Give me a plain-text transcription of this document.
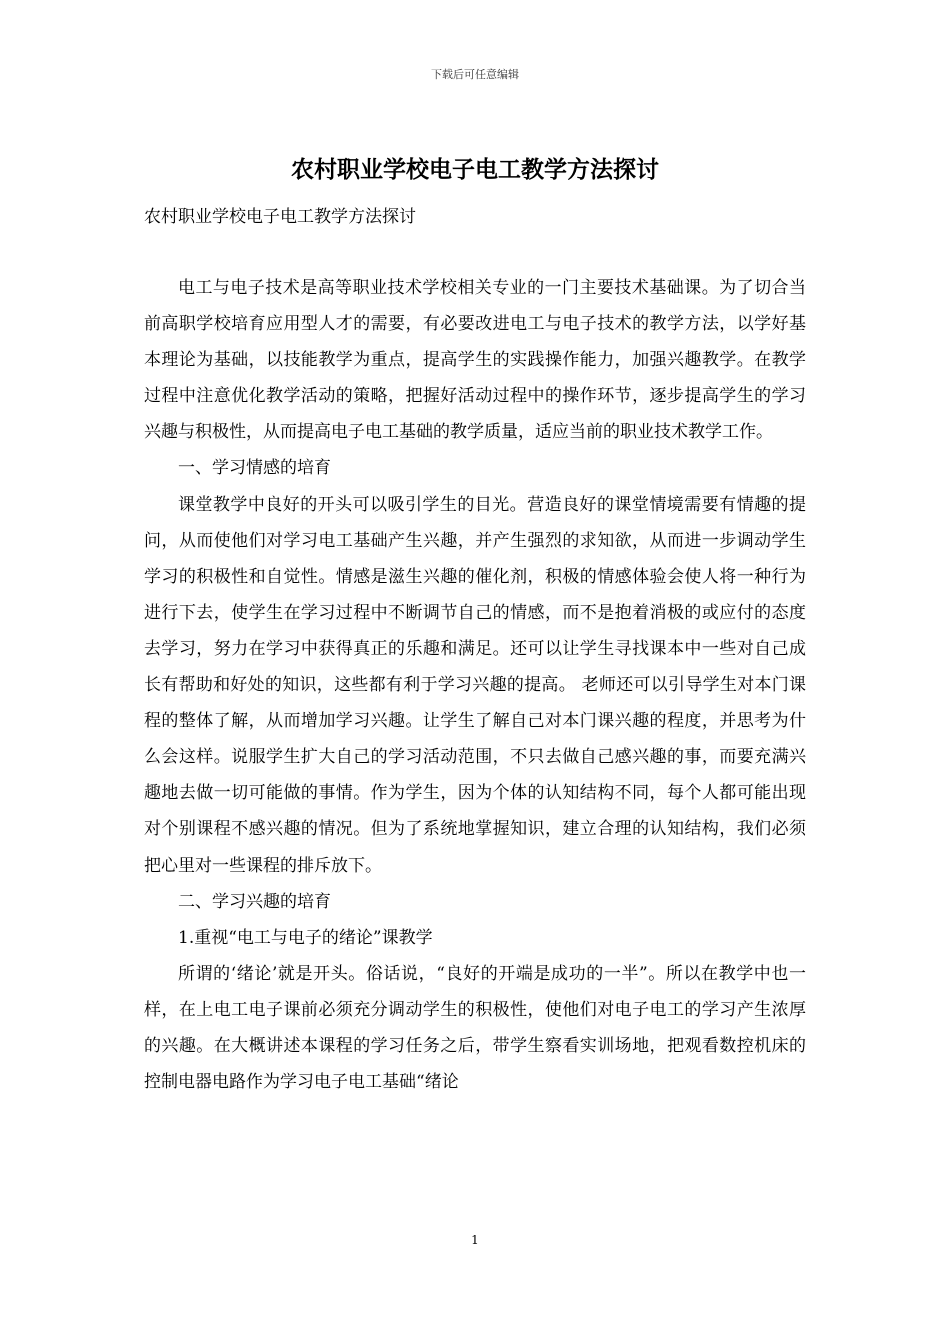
下载后可任意编辑
农村职业学校电子电工教学方法探讨
农村职业学校电子电工教学方法探讨

电工与电子技术是高等职业技术学校相关专业的一门主要技术基础课。为了切合当前高职学校培育应用型人才的需要，有必要改进电工与电子技术的教学方法，以学好基本理论为基础，以技能教学为重点，提高学生的实践操作能力，加强兴趣教学。在教学过程中注意优化教学活动的策略，把握好活动过程中的操作环节，逐步提高学生的学习兴趣与积极性，从而提高电子电工基础的教学质量，适应当前的职业技术教学工作。

一、学习情感的培育

课堂教学中良好的开头可以吸引学生的目光。营造良好的课堂情境需要有情趣的提问，从而使他们对学习电工基础产生兴趣，并产生强烈的求知欲，从而进一步调动学生学习的积极性和自觉性。情感是滋生兴趣的催化剂，积极的情感体验会使人将一种行为进行下去，使学生在学习过程中不断调节自己的情感，而不是抱着消极的或应付的态度去学习，努力在学习中获得真正的乐趣和满足。还可以让学生寻找课本中一些对自己成长有帮助和好处的知识，这些都有利于学习兴趣的提高。 老师还可以引导学生对本门课程的整体了解，从而增加学习兴趣。让学生了解自己对本门课兴趣的程度，并思考为什么会这样。说服学生扩大自己的学习活动范围，不只去做自己感兴趣的事，而要充满兴趣地去做一切可能做的事情。作为学生，因为个体的认知结构不同，每个人都可能出现对个别课程不感兴趣的情况。但为了系统地掌握知识，建立合理的认知结构，我们必须把心里对一些课程的排斥放下。

二、学习兴趣的培育

1.重视“电工与电子的绪论”课教学

所谓的‘绪论’就是开头。俗话说，“良好的开端是成功的一半”。所以在教学中也一样，在上电工电子课前必须充分调动学生的积极性，使他们对电子电工的学习产生浓厚的兴趣。在大概讲述本课程的学习任务之后，带学生察看实训场地，把观看数控机床的控制电器电路作为学习电子电工基础“绪论

1
